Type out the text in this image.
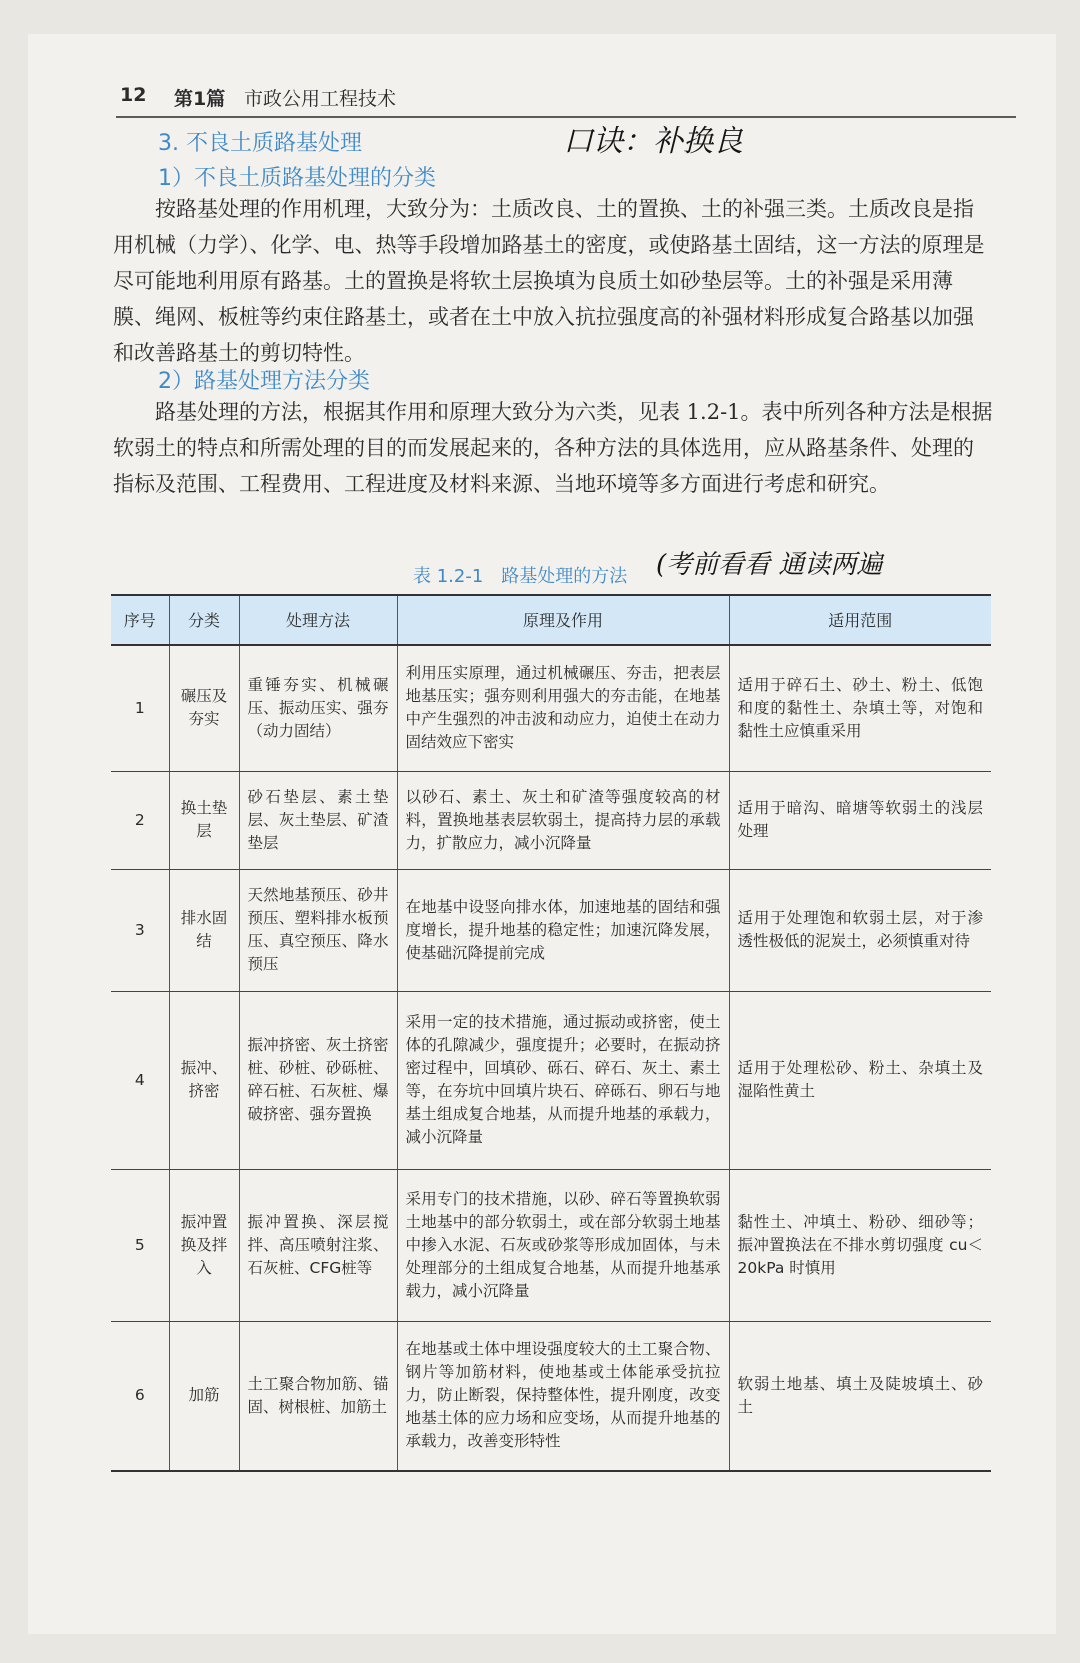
12 第1篇 市政公用工程技术
3. 不良土质路基处理	口诀：补换良
1）不良土质路基处理的分类

按路基处理的作用机理，大致分为：土质改良、土的置换、土的补强三类。土质改良是指用机械（力学）、化学、电、热等手段增加路基土的密度，或使路基土固结，这一方法的原理是尽可能地利用原有路基。土的置换是将软土层换填为良质土如砂垫层等。土的补强是采用薄膜、绳网、板桩等约束住路基土，或者在土中放入抗拉强度高的补强材料形成复合路基以加强和改善路基土的剪切特性。

2）路基处理方法分类

路基处理的方法，根据其作用和原理大致分为六类，见表 1.2-1。表中所列各种方法是根据软弱土的特点和所需处理的目的而发展起来的，各种方法的具体选用，应从路基条件、处理的指标及范围、工程费用、工程进度及材料来源、当地环境等多方面进行考虑和研究。

表 1.2-1　路基处理的方法 (考前看看 通读两遍
序号	分类	处理方法	原理及作用	适用范围
1	碾压及夯实	重锤夯实、机械碾压、振动压实、强夯（动力固结）	利用压实原理，通过机械碾压、夯击，把表层地基压实；强夯则利用强大的夯击能，在地基中产生强烈的冲击波和动应力，迫使土在动力固结效应下密实	适用于碎石土、砂土、粉土、低饱和度的黏性土、杂填土等，对饱和黏性土应慎重采用
2	换土垫层	砂石垫层、素土垫层、灰土垫层、矿渣垫层	以砂石、素土、灰土和矿渣等强度较高的材料，置换地基表层软弱土，提高持力层的承载力，扩散应力，减小沉降量	适用于暗沟、暗塘等软弱土的浅层处理
3	排水固结	天然地基预压、砂井预压、塑料排水板预压、真空预压、降水预压	在地基中设竖向排水体，加速地基的固结和强度增长，提升地基的稳定性；加速沉降发展，使基础沉降提前完成	适用于处理饱和软弱土层，对于渗透性极低的泥炭土，必须慎重对待
4	振冲、挤密	振冲挤密、灰土挤密桩、砂桩、砂砾桩、碎石桩、石灰桩、爆破挤密、强夯置换	采用一定的技术措施，通过振动或挤密，使土体的孔隙减少，强度提升；必要时，在振动挤密过程中，回填砂、砾石、碎石、灰土、素土等，在夯坑中回填片块石、碎砾石、卵石与地基土组成复合地基，从而提升地基的承载力，减小沉降量	适用于处理松砂、粉土、杂填土及湿陷性黄土
5	振冲置换及拌入	振冲置换、深层搅拌、高压喷射注浆、石灰桩、CFG桩等	采用专门的技术措施，以砂、碎石等置换软弱土地基中的部分软弱土，或在部分软弱土地基中掺入水泥、石灰或砂浆等形成加固体，与未处理部分的土组成复合地基，从而提升地基承载力，减小沉降量	黏性土、冲填土、粉砂、细砂等；振冲置换法在不排水剪切强度 cu＜20kPa 时慎用
6	加筋	土工聚合物加筋、锚固、树根桩、加筋土	在地基或土体中埋设强度较大的土工聚合物、钢片等加筋材料，使地基或土体能承受抗拉力，防止断裂，保持整体性，提升刚度，改变地基土体的应力场和应变场，从而提升地基的承载力，改善变形特性	软弱土地基、填土及陡坡填土、砂土
